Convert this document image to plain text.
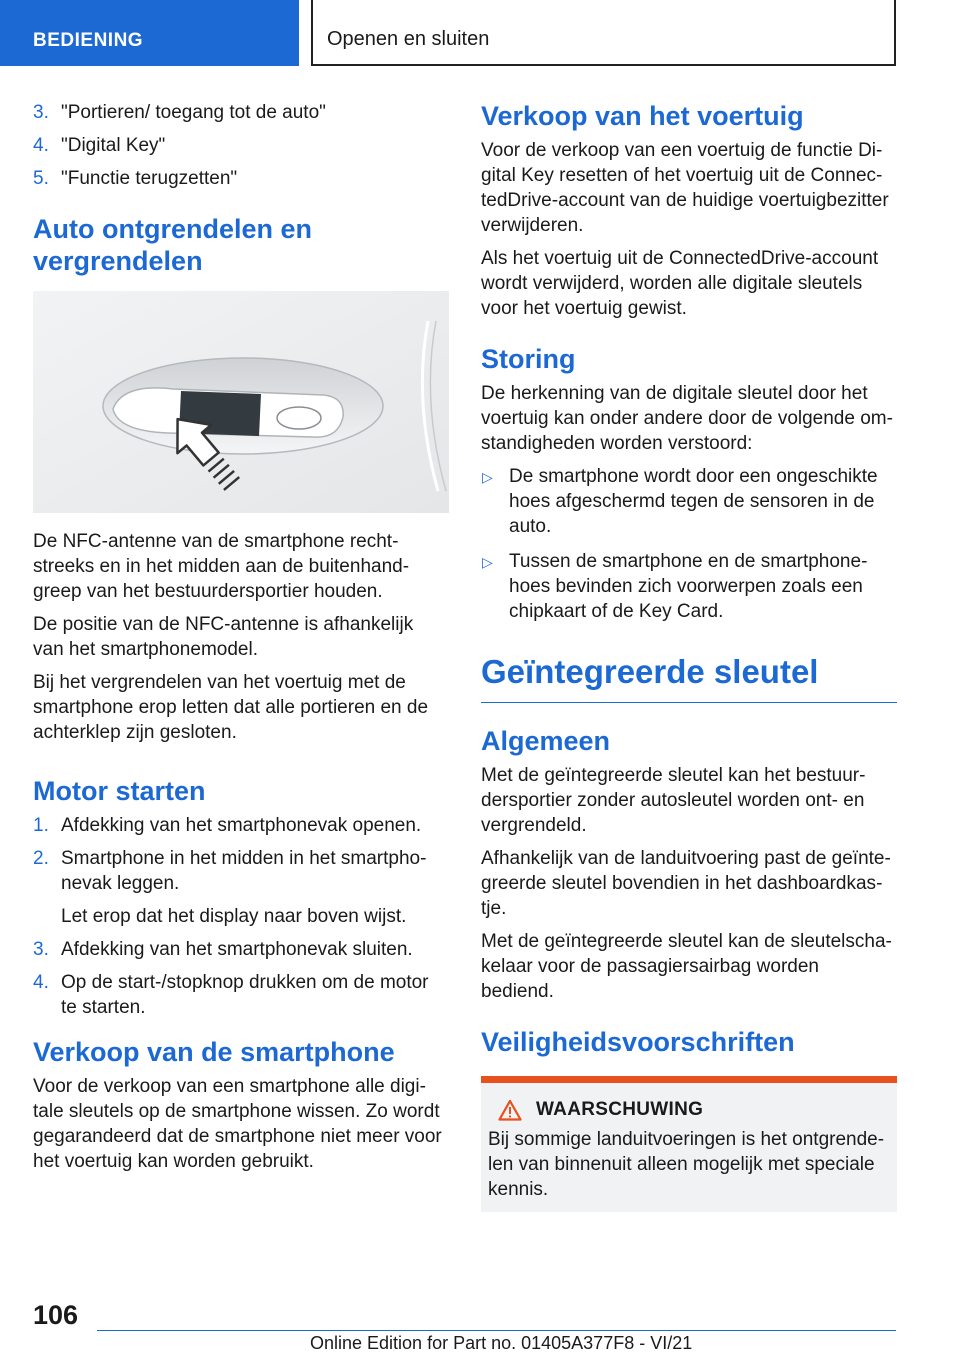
BEDIENING	Openen en sluiten
3. "Portieren/ toegang tot de auto"
4. "Digital Key"
5. "Functie terugzetten"
Auto ontgrendelen en vergrendelen

De NFC-antenne van de smartphone rechtstreeks en in het midden aan de buitenhandgreep van het bestuurdersportier houden.

De positie van de NFC-antenne is afhankelijk van het smartphonemodel.

Bij het vergrendelen van het voertuig met de smartphone erop letten dat alle portieren en de achterklep zijn gesloten.

Motor starten
1. Afdekking van het smartphonevak openen.
2. Smartphone in het midden in het smartphonevak leggen.
Let erop dat het display naar boven wijst.
3. Afdekking van het smartphonevak sluiten.
4. Op de start-/stopknop drukken om de motor te starten.
Verkoop van de smartphone

Voor de verkoop van een smartphone alle digitale sleutels op de smartphone wissen. Zo wordt gegarandeerd dat de smartphone niet meer voor het voertuig kan worden gebruikt.

Verkoop van het voertuig

Voor de verkoop van een voertuig de functie Digital Key resetten of het voertuig uit de ConnectedDrive-account van de huidige voertuigbezitter verwijderen.

Als het voertuig uit de ConnectedDrive-account wordt verwijderd, worden alle digitale sleutels voor het voertuig gewist.

Storing

De herkenning van de digitale sleutel door het voertuig kan onder andere door de volgende omstandigheden worden verstoord:

▷ De smartphone wordt door een ongeschikte hoes afgeschermd tegen de sensoren in de auto.
▷ Tussen de smartphone en de smartphonehoes bevinden zich voorwerpen zoals een chipkaart of de Key Card.
Geïntegreerde sleutel
Algemeen

Met de geïntegreerde sleutel kan het bestuurdersportier zonder autosleutel worden ont- en vergrendeld.

Afhankelijk van de landuitvoering past de geïntegreerde sleutel bovendien in het dashboardkastje.

Met de geïntegreerde sleutel kan de sleutelschakelaar voor de passagiersairbag worden bediend.

Veiligheidsvoorschriften
WAARSCHUWING

Bij sommige landuitvoeringen is het ontgrendelen van binnenuit alleen mogelijk met speciale kennis.

106
Online Edition for Part no. 01405A377F8 - VI/21
